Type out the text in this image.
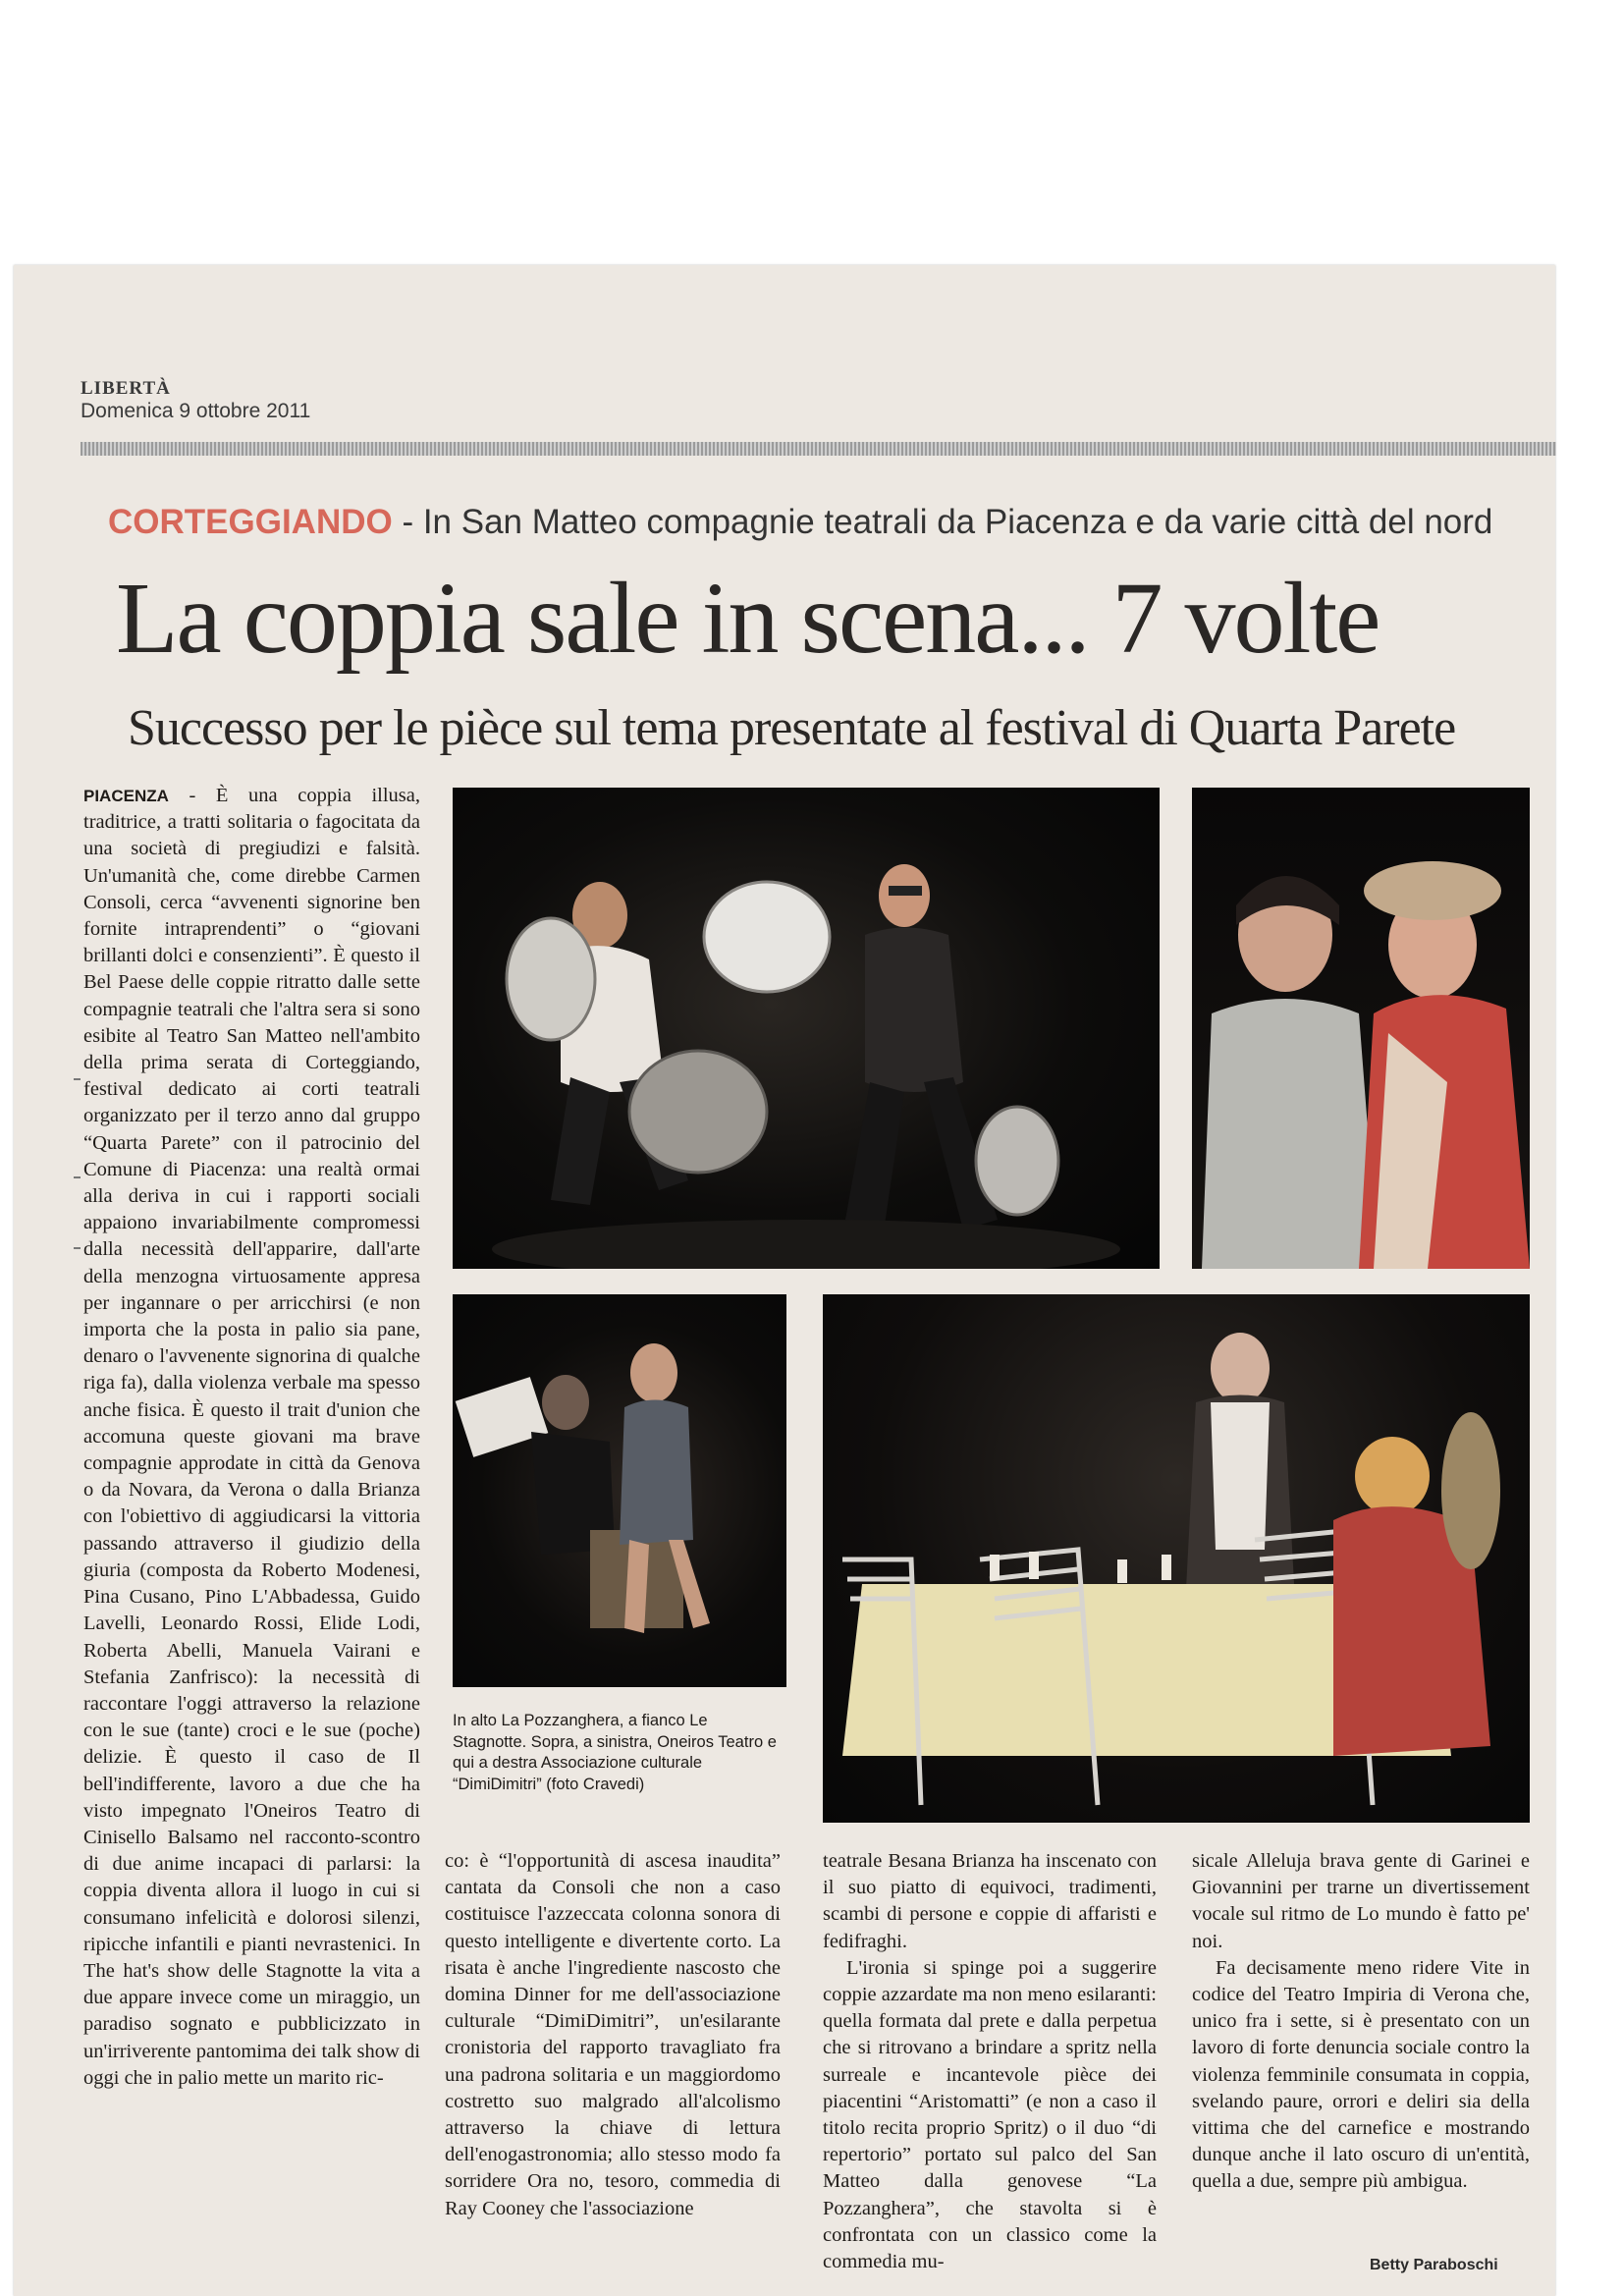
LIBERTÀ
Domenica 9 ottobre 2011
CORTEGGIANDO - In San Matteo compagnie teatrali da Piacenza e da varie città del nord
La coppia sale in scena... 7 volte
Successo per le pièce sul tema presentate al festival di Quarta Parete

PIACENZA - È una coppia illusa, traditrice, a tratti solitaria o fagocitata da una società di pregiudizi e falsità. Un'umanità che, come direbbe Carmen Consoli, cerca “avvenenti signorine ben fornite intraprendenti” o “giovani brillanti dolci e consenzienti”. È questo il Bel Paese delle coppie ritratto dalle sette compagnie teatrali che l'altra sera si sono esibite al Teatro San Matteo nell'ambito della prima serata di Corteggiando, festival dedicato ai corti teatrali organizzato per il terzo anno dal gruppo “Quarta Parete” con il patrocinio del Comune di Piacenza: una realtà ormai alla deriva in cui i rapporti sociali appaiono invariabilmente compromessi dalla necessità dell'apparire, dall'arte della menzogna virtuosamente appresa per ingannare o per arricchirsi (e non importa che la posta in palio sia pane, denaro o l'avvenente signorina di qualche riga fa), dalla violenza verbale ma spesso anche fisica. È questo il trait d'union che accomuna queste giovani ma brave compagnie approdate in città da Genova o da Novara, da Verona o dalla Brianza con l'obiettivo di aggiudicarsi la vittoria passando attraverso il giudizio della giuria (composta da Roberto Modenesi, Pina Cusano, Pino L'Abbadessa, Guido Lavelli, Leonardo Rossi, Elide Lodi, Roberta Abelli, Manuela Vairani e Stefania Zanfrisco): la necessità di raccontare l'oggi attraverso la relazione con le sue (tante) croci e le sue (poche) delizie. È questo il caso de Il bell'indifferente, lavoro a due che ha visto impegnato l'Oneiros Teatro di Cinisello Balsamo nel racconto-scontro di due anime incapaci di parlarsi: la coppia diventa allora il luogo in cui si consumano infelicità e dolorosi silenzi, ripicche infantili e pianti nevrastenici. In The hat's show delle Stagnotte la vita a due appare invece come un miraggio, un paradiso sognato e pubblicizzato in un'irriverente pantomima dei talk show di oggi che in palio mette un marito ric-

In alto La Pozzanghera, a fianco Le Stagnotte. Sopra, a sinistra, Oneiros Teatro e qui a destra Associazione culturale “DimiDimitri” (foto Cravedi)

co: è “l'opportunità di ascesa inaudita” cantata da Consoli che non a caso costituisce l'azzeccata colonna sonora di questo intelligente e divertente corto. La risata è anche l'ingrediente nascosto che domina Dinner for me dell'associazione culturale “DimiDimitri”, un'esilarante cronistoria del rapporto travagliato fra una padrona solitaria e un maggiordomo costretto suo malgrado all'alcolismo attraverso la chiave di lettura dell'enogastronomia; allo stesso modo fa sorridere Ora no, tesoro, commedia di Ray Cooney che l'associazione

teatrale Besana Brianza ha inscenato con il suo piatto di equivoci, tradimenti, scambi di persone e coppie di affaristi e fedifraghi.

L'ironia si spinge poi a suggerire coppie azzardate ma non meno esilaranti: quella formata dal prete e dalla perpetua che si ritrovano a brindare a spritz nella surreale e incantevole pièce dei piacentini “Aristomatti” (e non a caso il titolo recita proprio Spritz) o il duo “di repertorio” portato sul palco del San Matteo dalla genovese “La Pozzanghera”, che stavolta si è confrontata con un classico come la commedia mu-

sicale Alleluja brava gente di Garinei e Giovannini per trarne un divertissement vocale sul ritmo de Lo mundo è fatto pe' noi.

Fa decisamente meno ridere Vite in codice del Teatro Impiria di Verona che, unico fra i sette, si è presentato con un lavoro di forte denuncia sociale contro la violenza femminile consumata in coppia, svelando paure, orrori e deliri sia della vittima che del carnefice e mostrando dunque anche il lato oscuro di un'entità, quella a due, sempre più ambigua.

Betty Paraboschi
